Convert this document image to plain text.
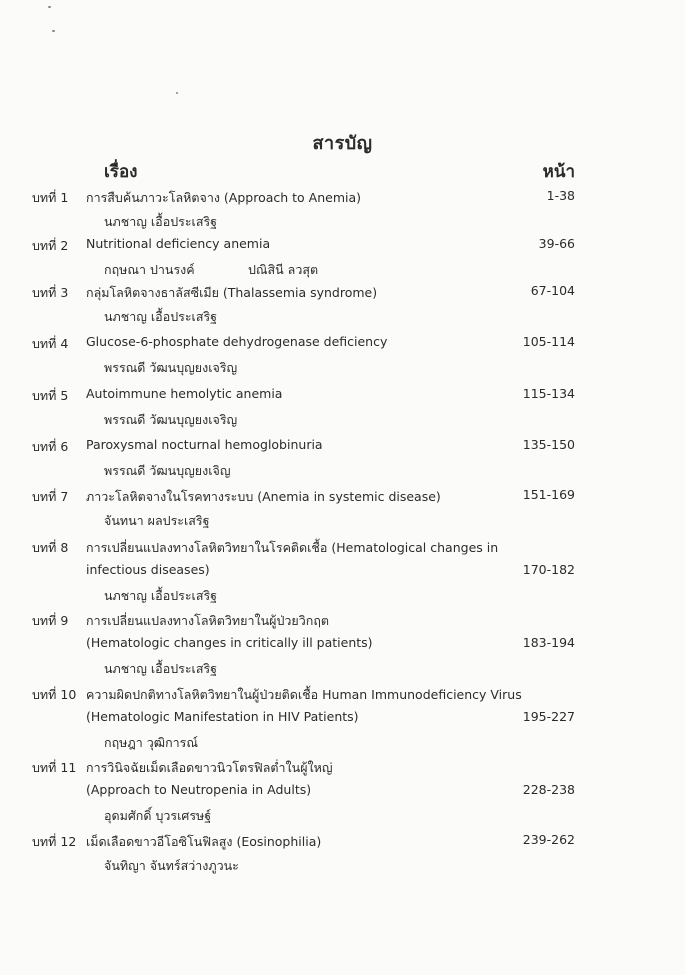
สารบัญ
เรื่อง	หน้า
บทที่ 1 การสืบค้นภาวะโลหิตจาง (Approach to Anemia)	1-38
นภชาญ เอื้อประเสริฐ
บทที่ 2 Nutritional deficiency anemia	39-66
กฤษณา ปานรงค์	ปณิสินี ลวสุต
บทที่ 3 กลุ่มโลหิตจางธาลัสซีเมีย (Thalassemia syndrome)	67-104
นภชาญ เอื้อประเสริฐ
บทที่ 4 Glucose-6-phosphate dehydrogenase deficiency	105-114
พรรณดี วัฒนบุญยงเจริญ
บทที่ 5 Autoimmune hemolytic anemia	115-134
พรรณดี วัฒนบุญยงเจริญ
บทที่ 6 Paroxysmal nocturnal hemoglobinuria	135-150
พรรณดี วัฒนบุญยงเจิญ
บทที่ 7 ภาวะโลหิตจางในโรคทางระบบ (Anemia in systemic disease)	151-169
จันทนา ผลประเสริฐ
บทที่ 8 การเปลี่ยนแปลงทางโลหิตวิทยาในโรคติดเชื้อ (Hematological changes in
infectious diseases)	170-182
นภชาญ เอื้อประเสริฐ
บทที่ 9 การเปลี่ยนแปลงทางโลหิตวิทยาในผู้ป่วยวิกฤต
(Hematologic changes in critically ill patients)	183-194
นภชาญ เอื้อประเสริฐ
บทที่ 10 ความผิดปกติทางโลหิตวิทยาในผู้ป่วยติดเชื้อ Human Immunodeficiency Virus
(Hematologic Manifestation in HIV Patients)	195-227
กฤษฎา วุฒิการณ์
บทที่ 11 การวินิจฉัยเม็ดเลือดขาวนิวโตรฟิลต่ำในผู้ใหญ่
(Approach to Neutropenia in Adults)	228-238
อุดมศักดิ์ บุวรเศรษฐ์
บทที่ 12 เม็ดเลือดขาวอีโอซิโนฟิลสูง (Eosinophilia)	239-262
จันทิญา จันทร์สว่างภูวนะ
